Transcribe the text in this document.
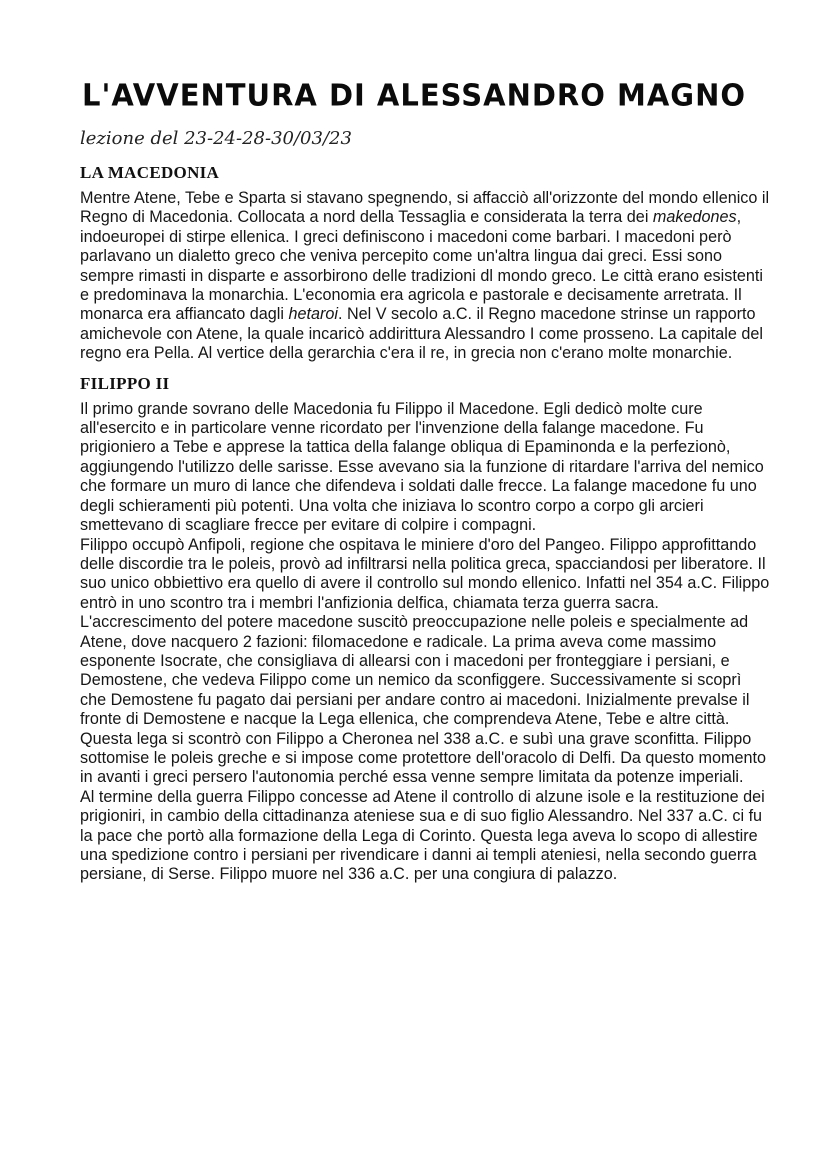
L'AVVENTURA DI ALESSANDRO MAGNO
lezione del 23-24-28-30/03/23
LA MACEDONIA

Mentre Atene, Tebe e Sparta si stavano spegnendo, si affacciò all'orizzonte del mondo ellenico il Regno di Macedonia. Collocata a nord della Tessaglia e considerata la terra dei makedones, indoeuropei di stirpe ellenica. I greci definiscono i macedoni come barbari. I macedoni però parlavano un dialetto greco che veniva percepito come un'altra lingua dai greci. Essi sono sempre rimasti in disparte e assorbirono delle tradizioni dl mondo greco. Le città erano esistenti e predominava la monarchia. L'economia era agricola e pastorale e decisamente arretrata. Il monarca era affiancato dagli hetaroi. Nel V secolo a.C. il Regno macedone strinse un rapporto amichevole con Atene, la quale incaricò addirittura Alessandro I come prosseno. La capitale del regno era Pella. Al vertice della gerarchia c'era il re, in grecia non c'erano molte monarchie.

FILIPPO II

Il primo grande sovrano delle Macedonia fu Filippo il Macedone. Egli dedicò molte cure all'esercito e in particolare venne ricordato per l'invenzione della falange macedone. Fu prigioniero a Tebe e apprese la tattica della falange obliqua di Epaminonda e la perfezionò, aggiungendo l'utilizzo delle sarisse. Esse avevano sia la funzione di ritardare l'arriva del nemico che formare un muro di lance che difendeva i soldati dalle frecce. La falange macedone fu uno degli schieramenti più potenti. Una volta che iniziava lo scontro corpo a corpo gli arcieri smettevano di scagliare frecce per evitare di colpire i compagni.

Filippo occupò Anfipoli, regione che ospitava le miniere d'oro del Pangeo. Filippo approfittando delle discordie tra le poleis, provò ad infiltrarsi nella politica greca, spacciandosi per liberatore. Il suo unico obbiettivo era quello di avere il controllo sul mondo ellenico. Infatti nel 354 a.C. Filippo entrò in uno scontro tra i membri l'anfizionia delfica, chiamata terza guerra sacra.

L'accrescimento del potere macedone suscitò preoccupazione nelle poleis e specialmente ad Atene, dove nacquero 2 fazioni: filomacedone e radicale. La prima aveva come massimo esponente Isocrate, che consigliava di allearsi con i macedoni per fronteggiare i persiani, e Demostene, che vedeva Filippo come un nemico da sconfiggere. Successivamente si scoprì che Demostene fu pagato dai persiani per andare contro ai macedoni. Inizialmente prevalse il fronte di Demostene e nacque la Lega ellenica, che comprendeva Atene, Tebe e altre città. Questa lega si scontrò con Filippo a Cheronea nel 338 a.C. e subì una grave sconfitta. Filippo sottomise le poleis greche e si impose come protettore dell'oracolo di Delfi. Da questo momento in avanti i greci persero l'autonomia perché essa venne sempre limitata da potenze imperiali.

Al termine della guerra Filippo concesse ad Atene il controllo di alzune isole e la restituzione dei prigionirі, in cambio della cittadinanza ateniese sua e di suo figlio Alessandro. Nel 337 a.C. ci fu la pace che portò alla formazione della Lega di Corinto. Questa lega aveva lo scopo di allestire una spedizione contro i persiani per rivendicare i danni ai templi ateniesi, nella secondo guerra persiane, di Serse. Filippo muore nel 336 a.C. per una congiura di palazzo.
